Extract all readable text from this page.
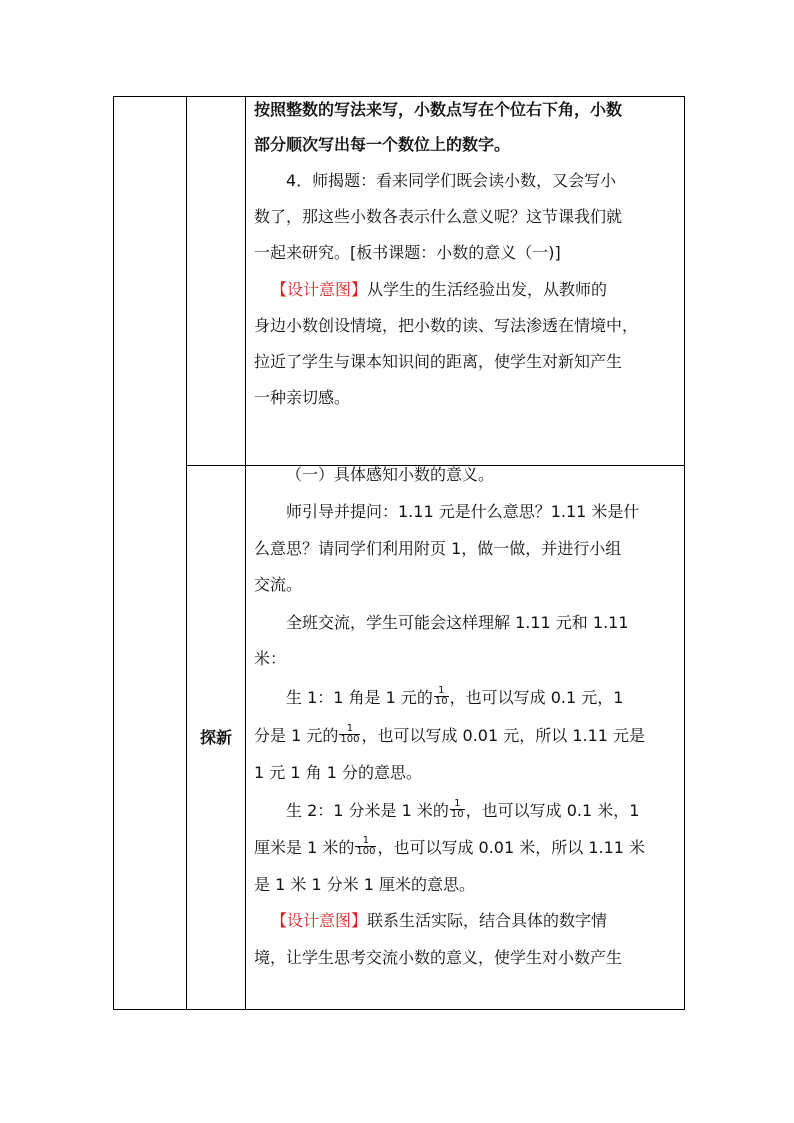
按照整数的写法来写，小数点写在个位右下角，小数
部分顺次写出每一个数位上的数字。
4．师揭题：看来同学们既会读小数，又会写小
数了，那这些小数各表示什么意义呢？这节课我们就
一起来研究。[板书课题：小数的意义（一)]
【设计意图】从学生的生活经验出发，从教师的
身边小数创设情境，把小数的读、写法渗透在情境中，
拉近了学生与课本知识间的距离，使学生对新知产生
一种亲切感。
探新
（一）具体感知小数的意义。
师引导并提问：1.11 元是什么意思？1.11 米是什
么意思？请同学们利用附页 1，做一做，并进行小组
交流。
全班交流，学生可能会这样理解 1.11 元和 1.11
米：
生 1：1 角是 1 元的 $\frac{1}{10}$ ，也可以写成 0.1 元，1
分是 1 元的 $\frac{1}{100}$ ，也可以写成 0.01 元，所以 1.11 元是
1 元 1 角 1 分的意思。
生 2：1 分米是 1 米的 $\frac{1}{10}$ ，也可以写成 0.1 米，1
厘米是 1 米的 $\frac{1}{100}$ ，也可以写成 0.01 米，所以 1.11 米
是 1 米 1 分米 1 厘米的意思。
【设计意图】联系生活实际，结合具体的数字情
境，让学生思考交流小数的意义，使学生对小数产生
